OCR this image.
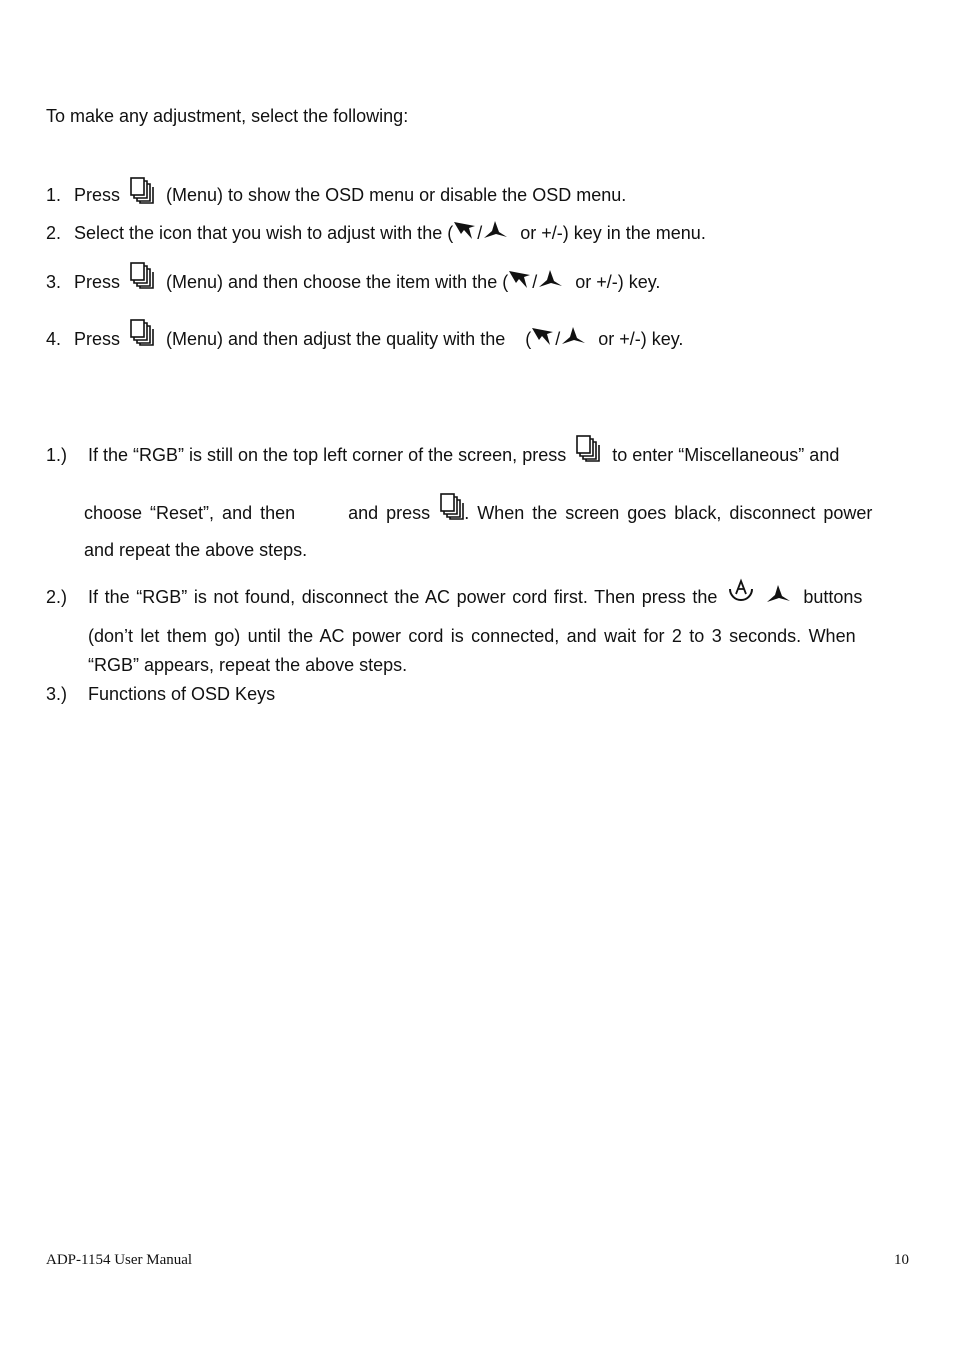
To make any adjustment, select the following:
1. Press	(Menu) to show the OSD menu or disable the OSD menu.
2. Select the icon that you wish to adjust with the ( / or +/-) key in the menu.
3. Press	(Menu) and then choose the item with the ( / or +/-) key.
4. Press	(Menu) and then adjust the quality with the ( / or +/-) key.
1.)	If the “RGB” is still on the top left corner of the screen, press	to enter “Miscellaneous” and
choose “Reset”, and then	and press . When the screen goes black, disconnect power
and repeat the above steps.
2.)	If the “RGB” is not found, disconnect the AC power cord first. Then press the	buttons
(don’t let them go) until the AC power cord is connected, and wait for 2 to 3 seconds. When
“RGB” appears, repeat the above steps.
3.)	Functions of OSD Keys
ADP-1154 User Manual	10
